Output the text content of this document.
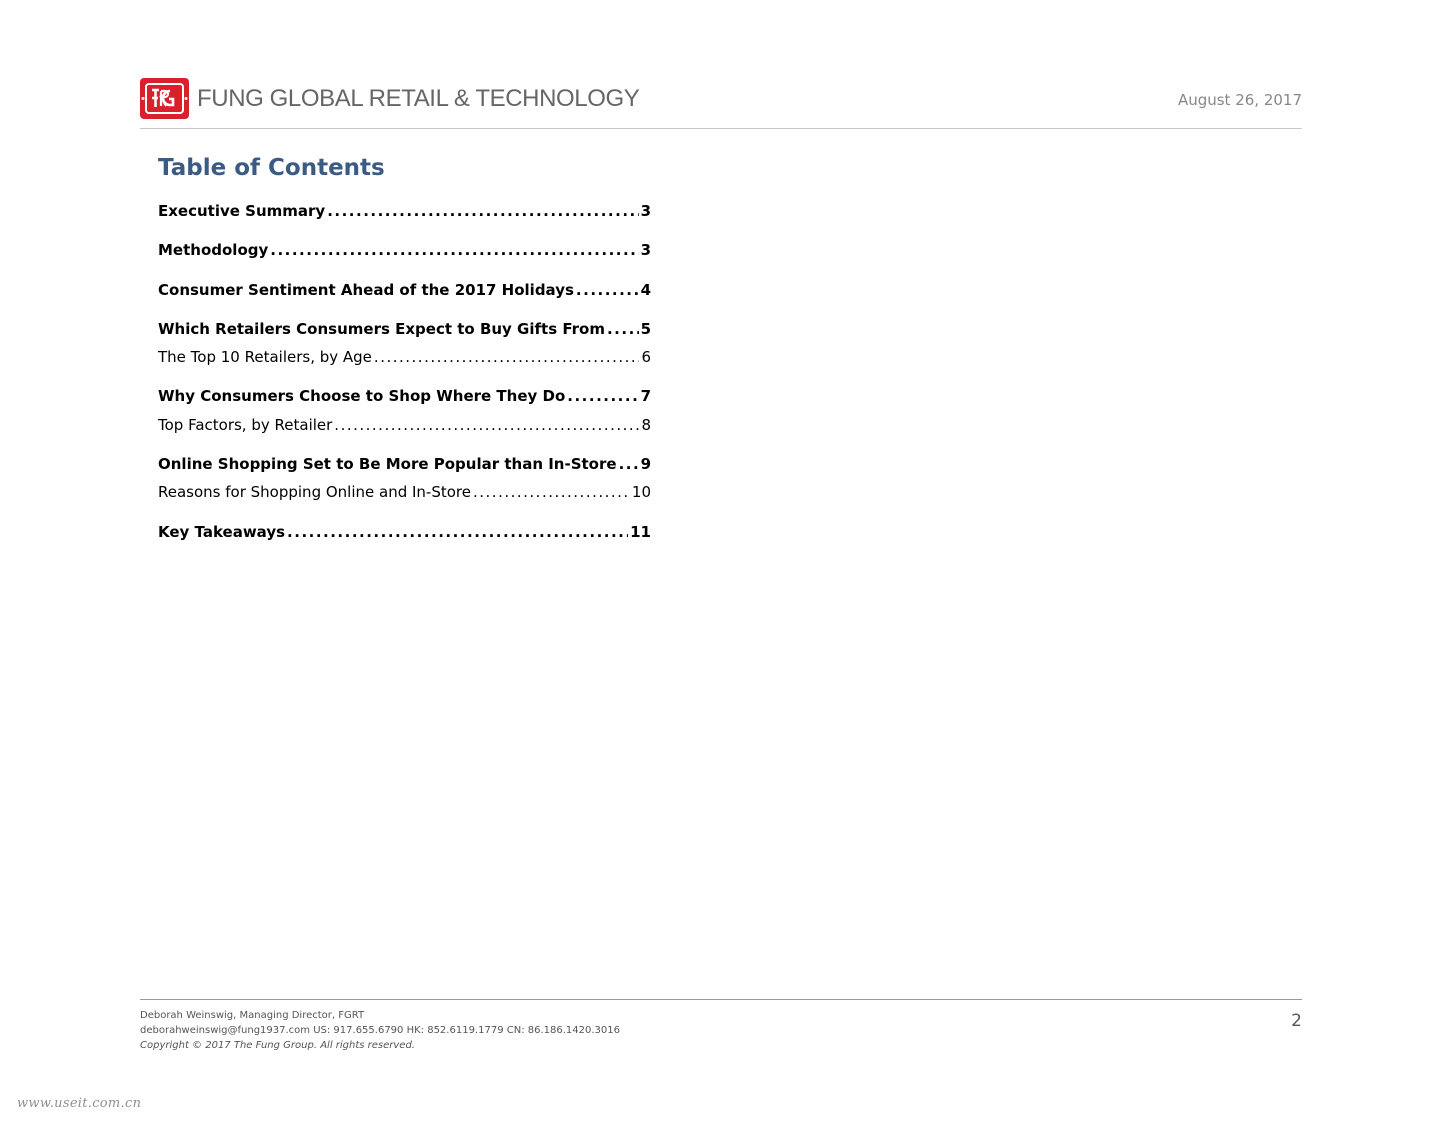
FUNG GLOBAL RETAIL & TECHNOLOGY	August 26, 2017
Table of Contents
Executive Summary .....	3
Methodology .....	3
Consumer Sentiment Ahead of the 2017 Holidays .....	4
Which Retailers Consumers Expect to Buy Gifts From ..... 5
The Top 10 Retailers, by Age .....	6
Why Consumers Choose to Shop Where They Do .....	7
Top Factors, by Retailer .....	8
Online Shopping Set to Be More Popular than In-Store ..... 9
Reasons for Shopping Online and In-Store .....	10
Key Takeaways .....	11
Deborah Weinswig, Managing Director, FGRT
deborahweinswig@fung1937.com US: 917.655.6790 HK: 852.6119.1779 CN: 86.186.1420.3016
Copyright © 2017 The Fung Group. All rights reserved.
2
www.useit.com.cn
